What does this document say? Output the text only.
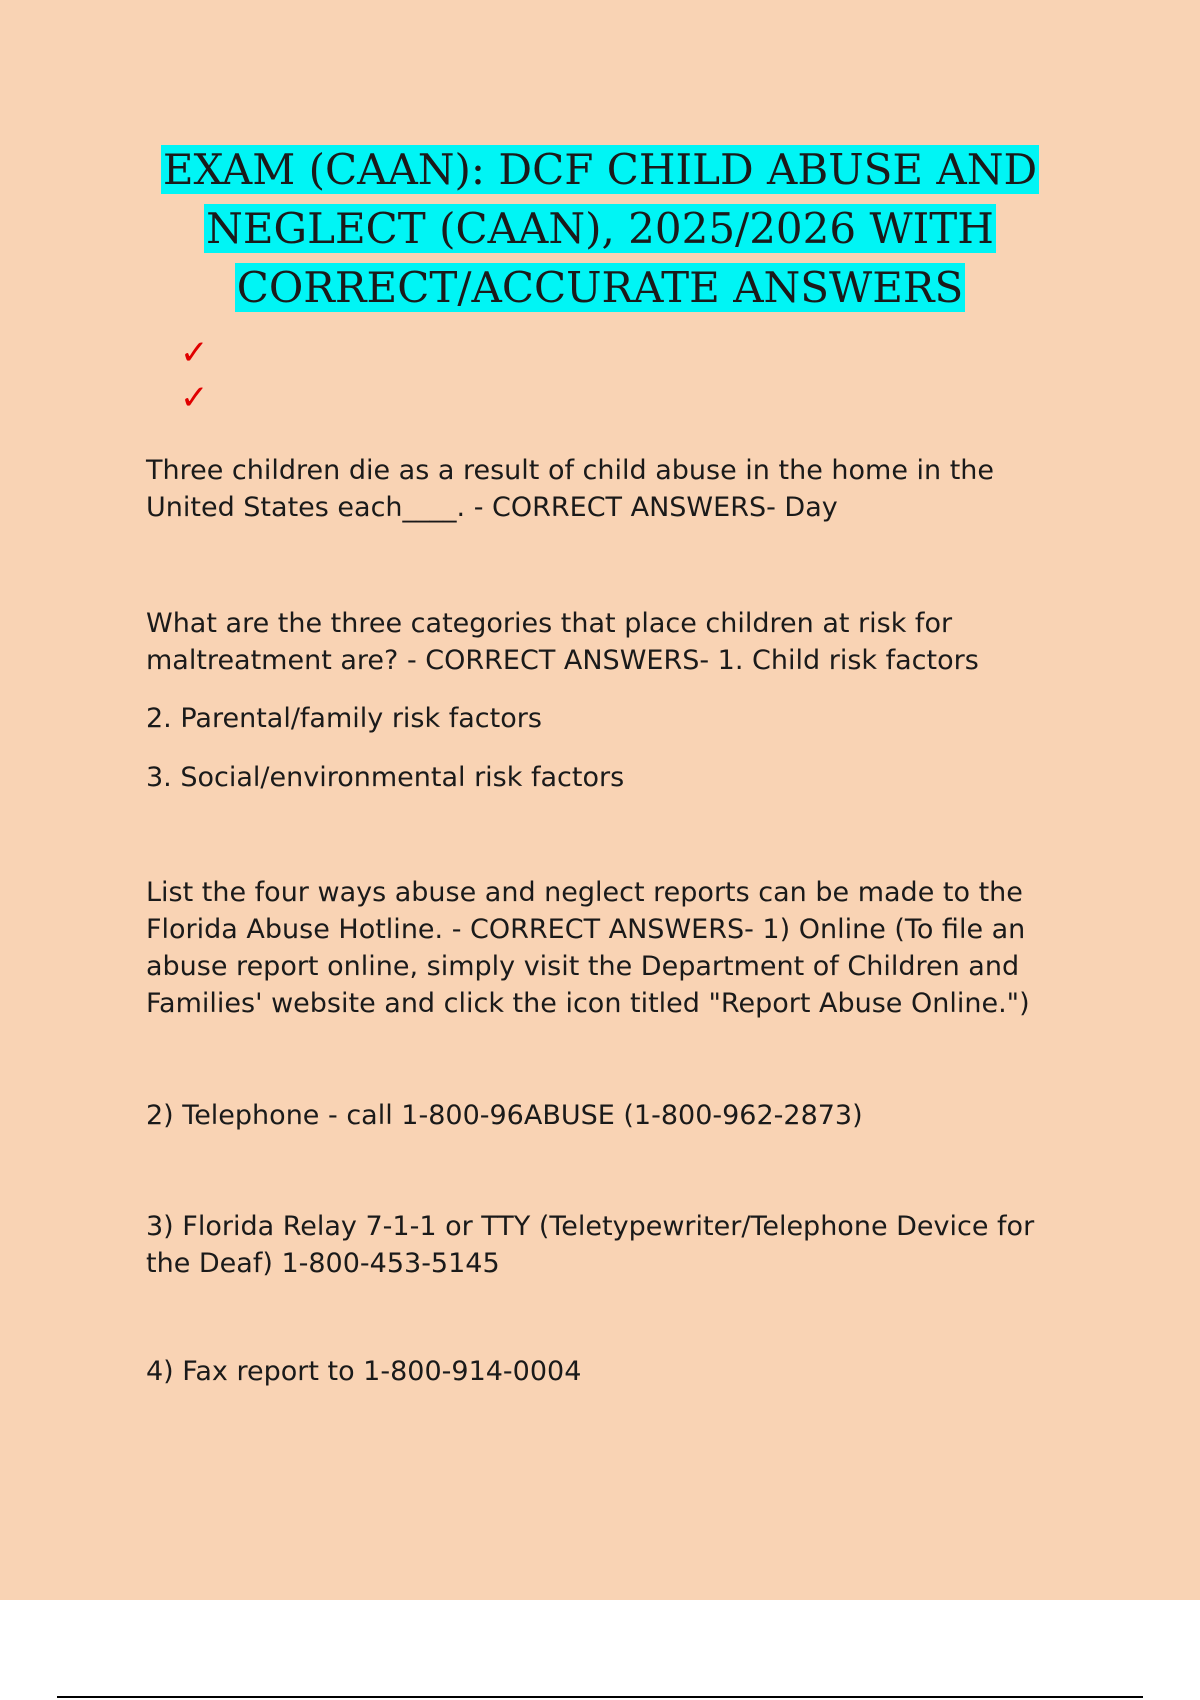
EXAM (CAAN): DCF CHILD ABUSE AND
NEGLECT (CAAN), 2025/2026 WITH
CORRECT/ACCURATE ANSWERS
✓
✓
Three children die as a result of child abuse in the home in the
United States each____. - CORRECT ANSWERS- Day
What are the three categories that place children at risk for
maltreatment are? - CORRECT ANSWERS- 1. Child risk factors
2. Parental/family risk factors
3. Social/environmental risk factors
List the four ways abuse and neglect reports can be made to the
Florida Abuse Hotline. - CORRECT ANSWERS- 1) Online (To file an
abuse report online, simply visit the Department of Children and
Families' website and click the icon titled "Report Abuse Online.")
2) Telephone - call 1-800-96ABUSE (1-800-962-2873)
3) Florida Relay 7-1-1 or TTY (Teletypewriter/Telephone Device for
the Deaf) 1-800-453-5145
4) Fax report to 1-800-914-0004
